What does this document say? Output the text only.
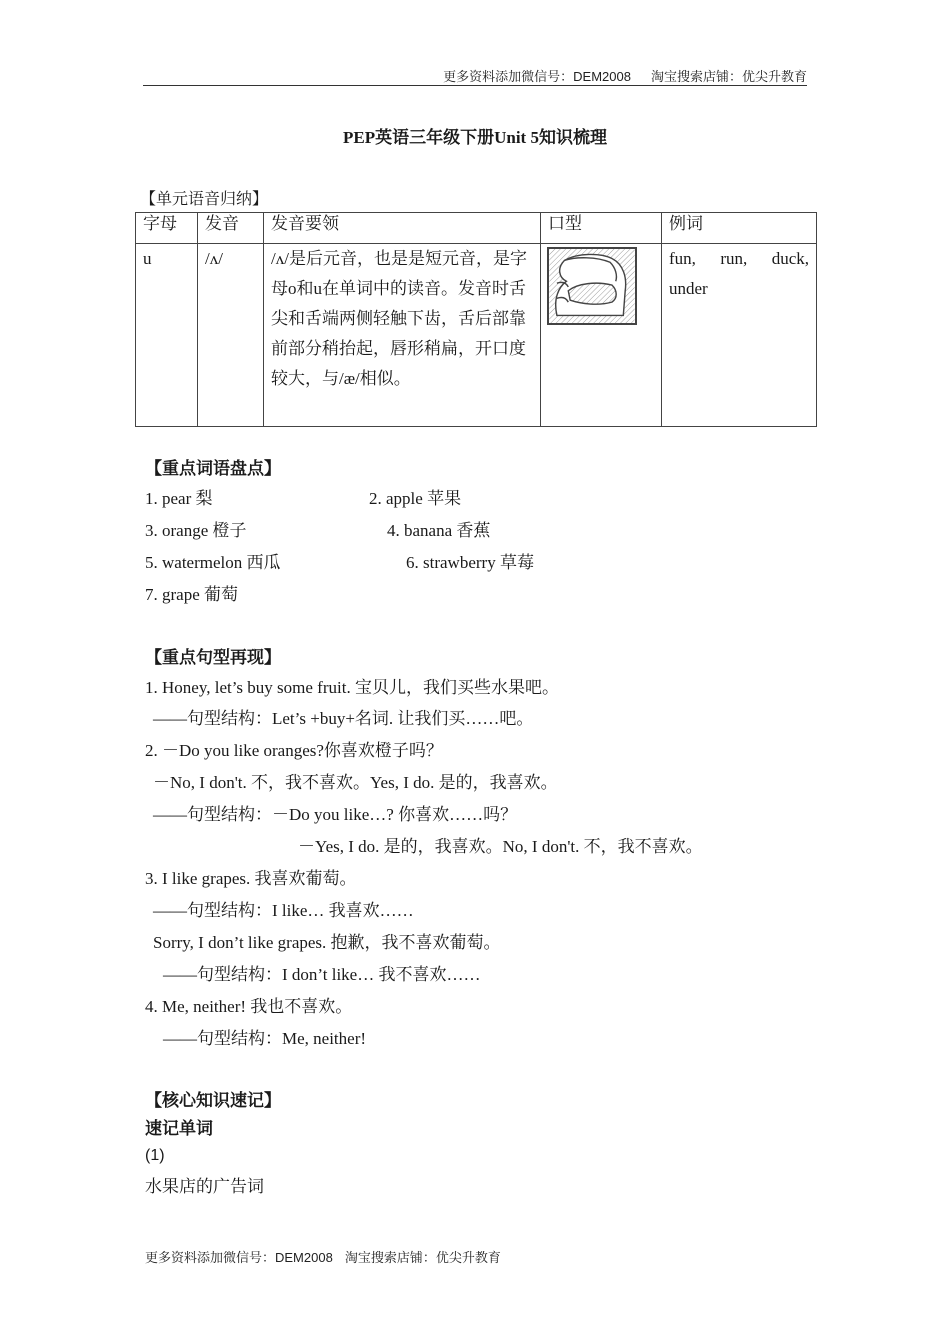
更多资料添加微信号：DEM2008 淘宝搜索店铺：优尖升教育
PEP英语三年级下册Unit 5知识梳理
【单元语音归纳】
字母	发音	发音要领	口型	例词
u	/ʌ/	/ʌ/是后元音，也是是短元音，是字母o和u在单词中的读音。发音时舌尖和舌端两侧轻触下齿，舌后部靠前部分稍抬起，唇形稍扁，开口度较大，与/æ/相似。		fun, run, duck,
under
【重点词语盘点】
1. pear 梨	2. apple 苹果
3. orange 橙子	4. banana 香蕉
5. watermelon 西瓜	6. strawberry 草莓
7. grape 葡萄
【重点句型再现】
1. Honey, let’s buy some fruit. 宝贝儿，我们买些水果吧。
——句型结构：Let’s +buy+名词. 让我们买……吧。
2. －Do you like oranges?你喜欢橙子吗？
－No, I don't. 不，我不喜欢。Yes, I do. 是的，我喜欢。
——句型结构：－Do you like…? 你喜欢……吗？
－Yes, I do. 是的，我喜欢。No, I don't. 不，我不喜欢。
3. I like grapes. 我喜欢葡萄。
——句型结构：I like… 我喜欢……
Sorry, I don’t like grapes. 抱歉，我不喜欢葡萄。
——句型结构：I don’t like… 我不喜欢……
4. Me, neither! 我也不喜欢。
——句型结构：Me, neither!
【核心知识速记】
速记单词
(1)
水果店的广告词
更多资料添加微信号：DEM2008 淘宝搜索店铺：优尖升教育
